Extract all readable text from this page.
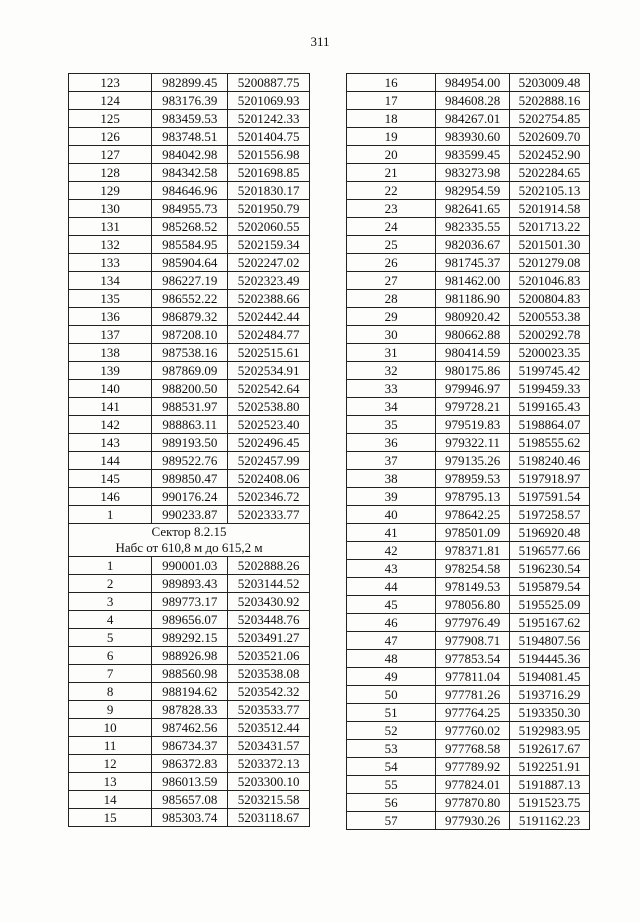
311
123	982899.45	5200887.75
124	983176.39	5201069.93
125	983459.53	5201242.33
126	983748.51	5201404.75
127	984042.98	5201556.98
128	984342.58	5201698.85
129	984646.96	5201830.17
130	984955.73	5201950.79
131	985268.52	5202060.55
132	985584.95	5202159.34
133	985904.64	5202247.02
134	986227.19	5202323.49
135	986552.22	5202388.66
136	986879.32	5202442.44
137	987208.10	5202484.77
138	987538.16	5202515.61
139	987869.09	5202534.91
140	988200.50	5202542.64
141	988531.97	5202538.80
142	988863.11	5202523.40
143	989193.50	5202496.45
144	989522.76	5202457.99
145	989850.47	5202408.06
146	990176.24	5202346.72
1	990233.87	5202333.77

Сектор 8.2.15
Набс от 610,8 м до 615,2 м		

1	990001.03	5202888.26
2	989893.43	5203144.52
3	989773.17	5203430.92
4	989656.07	5203448.76
5	989292.15	5203491.27
6	988926.98	5203521.06
7	988560.98	5203538.08
8	988194.62	5203542.32
9	987828.33	5203533.77
10	987462.56	5203512.44
11	986734.37	5203431.57
12	986372.83	5203372.13
13	986013.59	5203300.10
14	985657.08	5203215.58
15	985303.74	5203118.67
16	984954.00	5203009.48
17	984608.28	5202888.16
18	984267.01	5202754.85
19	983930.60	5202609.70
20	983599.45	5202452.90
21	983273.98	5202284.65
22	982954.59	5202105.13
23	982641.65	5201914.58
24	982335.55	5201713.22
25	982036.67	5201501.30
26	981745.37	5201279.08
27	981462.00	5201046.83
28	981186.90	5200804.83
29	980920.42	5200553.38
30	980662.88	5200292.78
31	980414.59	5200023.35
32	980175.86	5199745.42
33	979946.97	5199459.33
34	979728.21	5199165.43
35	979519.83	5198864.07
36	979322.11	5198555.62
37	979135.26	5198240.46
38	978959.53	5197918.97
39	978795.13	5197591.54
40	978642.25	5197258.57
41	978501.09	5196920.48
42	978371.81	5196577.66
43	978254.58	5196230.54
44	978149.53	5195879.54
45	978056.80	5195525.09
46	977976.49	5195167.62
47	977908.71	5194807.56
48	977853.54	5194445.36
49	977811.04	5194081.45
50	977781.26	5193716.29
51	977764.25	5193350.30
52	977760.02	5192983.95
53	977768.58	5192617.67
54	977789.92	5192251.91
55	977824.01	5191887.13
56	977870.80	5191523.75
57	977930.26	5191162.23
